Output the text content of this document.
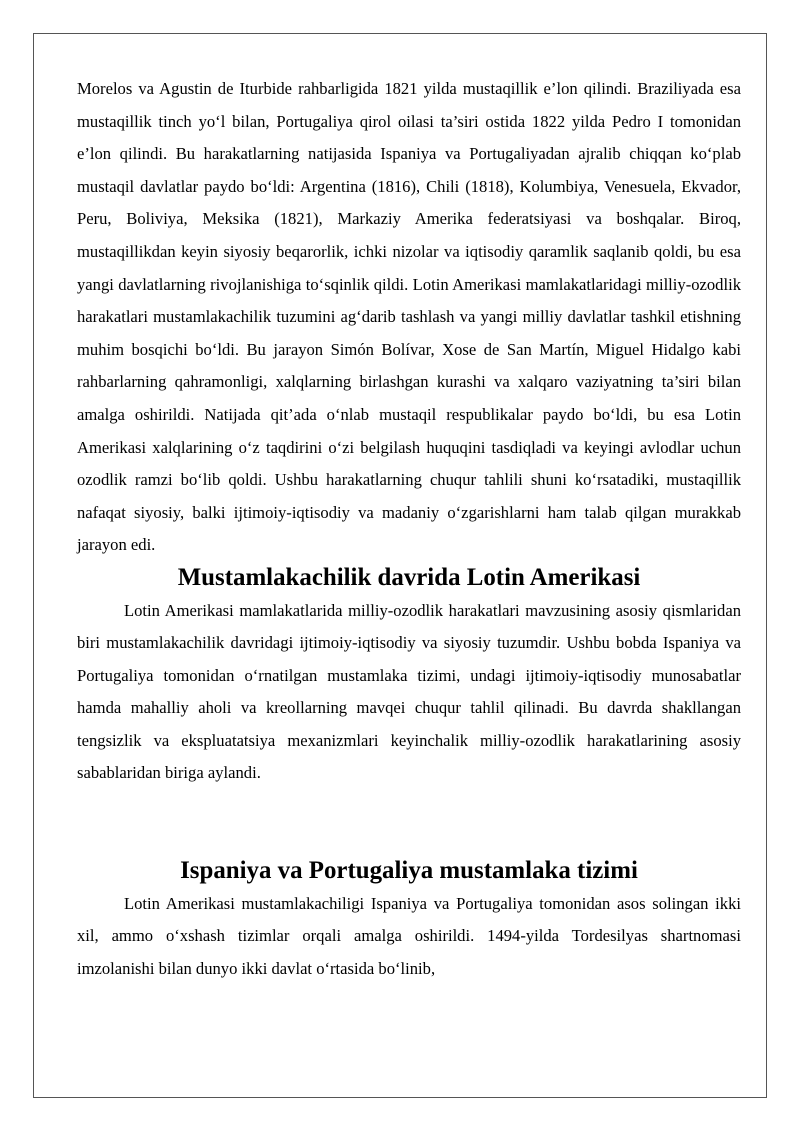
Morelos va Agustin de Iturbide rahbarligida 1821 yilda mustaqillik e’lon qilindi. Braziliyada esa mustaqillik tinch yo‘l bilan, Portugaliya qirol oilasi ta’siri ostida 1822 yilda Pedro I tomonidan e’lon qilindi. Bu harakatlarning natijasida Ispaniya va Portugaliyadan ajralib chiqqan ko‘plab mustaqil davlatlar paydo bo‘ldi: Argentina (1816), Chili (1818), Kolumbiya, Venesuela, Ekvador, Peru, Boliviya, Meksika (1821), Markaziy Amerika federatsiyasi va boshqalar. Biroq, mustaqillikdan keyin siyosiy beqarorlik, ichki nizolar va iqtisodiy qaramlik saqlanib qoldi, bu esa yangi davlatlarning rivojlanishiga to‘sqinlik qildi. Lotin Amerikasi mamlakatlaridagi milliy-ozodlik harakatlari mustamlakachilik tuzumini ag‘darib tashlash va yangi milliy davlatlar tashkil etishning muhim bosqichi bo‘ldi. Bu jarayon Simón Bolívar, Xose de San Martín, Miguel Hidalgo kabi rahbarlarning qahramonligi, xalqlarning birlashgan kurashi va xalqaro vaziyatning ta’siri bilan amalga oshirildi. Natijada qit’ada o‘nlab mustaqil respublikalar paydo bo‘ldi, bu esa Lotin Amerikasi xalqlarining o‘z taqdirini o‘zi belgilash huquqini tasdiqladi va keyingi avlodlar uchun ozodlik ramzi bo‘lib qoldi. Ushbu harakatlarning chuqur tahlili shuni ko‘rsatadiki, mustaqillik nafaqat siyosiy, balki ijtimoiy-iqtisodiy va madaniy o‘zgarishlarni ham talab qilgan murakkab jarayon edi.

Mustamlakachilik davrida Lotin Amerikasi

Lotin Amerikasi mamlakatlarida milliy-ozodlik harakatlari mavzusining asosiy qismlaridan biri mustamlakachilik davridagi ijtimoiy-iqtisodiy va siyosiy tuzumdir. Ushbu bobda Ispaniya va Portugaliya tomonidan o‘rnatilgan mustamlaka tizimi, undagi ijtimoiy-iqtisodiy munosabatlar hamda mahalliy aholi va kreollarning mavqei chuqur tahlil qilinadi. Bu davrda shakllangan tengsizlik va ekspluatatsiya mexanizmlari keyinchalik milliy-ozodlik harakatlarining asosiy sabablaridan biriga aylandi.

Ispaniya va Portugaliya mustamlaka tizimi

Lotin Amerikasi mustamlakachiligi Ispaniya va Portugaliya tomonidan asos solingan ikki xil, ammo o‘xshash tizimlar orqali amalga oshirildi. 1494-yilda Tordesilyas shartnomasi imzolanishi bilan dunyo ikki davlat o‘rtasida bo‘linib,
